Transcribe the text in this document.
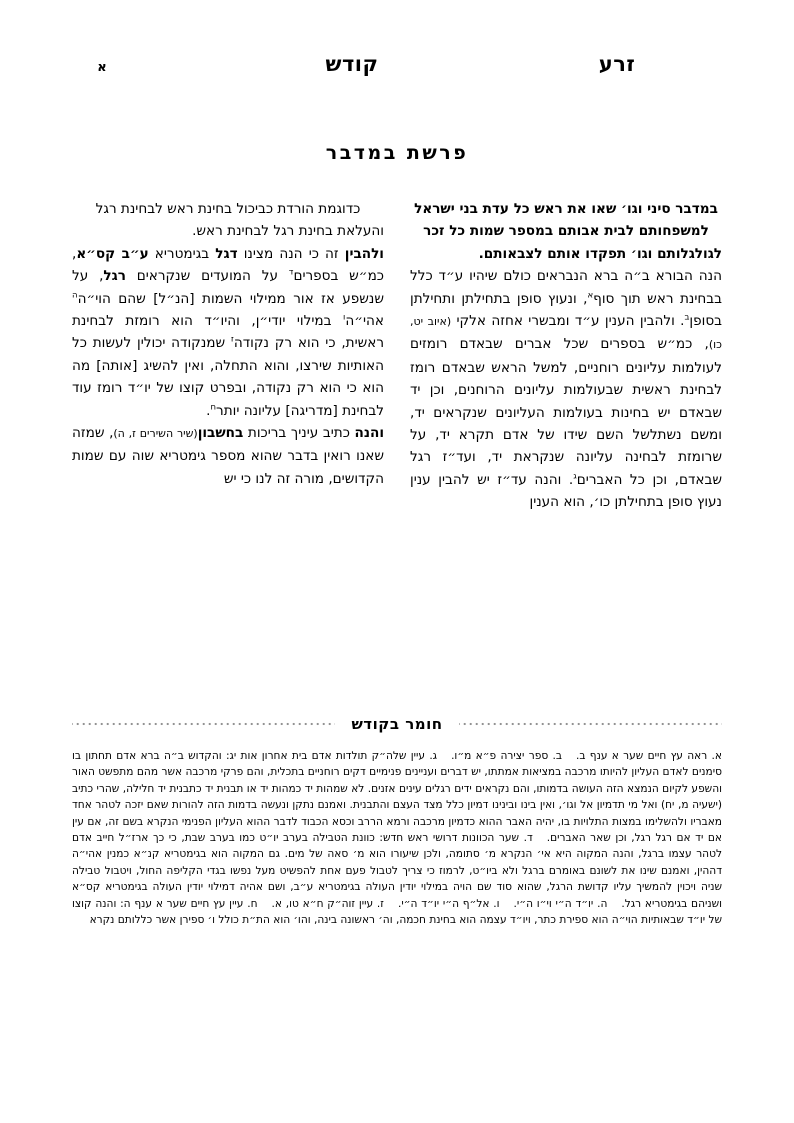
זרע
קודש
א
פרשת במדבר

במדבר סיני וגו׳ שאו את ראש כל עדת בני ישראל למשפחותם לבית אבותם במספר שמות כל זכר לגולגלותם וגו׳ תפקדו אותם לצבאותם.

הנה הבורא ב״ה ברא הנבראים כולם שיהיו ע״ד כלל בבחינת ראש תוך סוף$^א$, ונעוץ סופן בתחילתן ותחילתן בסופן$^ב$. ולהבין הענין ע״ד ומבשרי אחזה אלקי (איוב יט, כו), כמ״ש בספרים שכל אברים שבאדם רומזים לעולמות עליונים רוחניים, למשל הראש שבאדם רומז לבחינת ראשית שבעולמות עליונים הרוחנים, וכן יד שבאדם יש בחינות בעולמות העליונים שנקראים יד, ומשם נשתלשל השם שידו של אדם תקרא יד, על שרומזת לבחינה עליונה שנקראת יד, ועד״ז רגל שבאדם, וכן כל האברים$^ג$. והנה עד״ז יש להבין ענין נעוץ סופן בתחילתן כו׳, הוא הענין

כדוגמת הורדת כביכול בחינת ראש לבחינת רגל והעלאת בחינת רגל לבחינת ראש.

ולהבין זה כי הנה מצינו דגל בגימטריא ע״ב קס״א, כמ״ש בספרים$^ד$ על המועדים שנקראים רגל, על שנשפע אז אור ממילוי השמות [הנ״ל] שהם הוי״ה$^ה$ אהי״ה$^ו$ במילוי יודי״ן, והיו״ד הוא רומזת לבחינת ראשית, כי הוא רק נקודה$^ז$ שמנקודה יכולין לעשות כל האותיות שירצו, והוא התחלה, ואין להשיג [אותה] מה הוא כי הוא רק נקודה, ובפרט קוצו של יו״ד רומז עוד לבחינת [מדריגה] עליונה יותר$^ח$.

והנה כתיב עיניך בריכות בחשבון(שיר השירים ז, ה), שמזה שאנו רואין בדבר שהוא מספר גימטריא שוה עם שמות הקדושים, מורה זה לנו כי יש

חומר בקודש

א. ראה עץ חיים שער א ענף ב.ב. ספר יצירה פ״א מ״ו.ג. עיין שלה״ק תולדות אדם בית אחרון אות יג: והקדוש ב״ה ברא אדם תחתון בו סימנים לאדם העליון להיותו מרכבה במציאות אמתתו, יש דברים ועניינים פנימיים דקים רוחניים בתכלית, והם פרקי מרכבה אשר מהם מתפשט האור והשפע לקיום הנמצא הזה העושה בדמותו, והם נקראים ידים רגלים עינים אזנים. לא שמהות יד כמהות יד או תבנית יד כתבנית יד חלילה, שהרי כתיב (ישעיה מ, יח) ואל מי תדמיון אל וגו׳, ואין בינו ובינינו דמיון כלל מצד העצם והתבנית. ואמנם נתקן ונעשה בדמות הזה להורות שאם יזכה לטהר אחד מאבריו ולהשלימו במצות התלויות בו, יהיה האבר ההוא כדמיון מרכבה ורמא הררב וכסא הכבוד לדבר ההוא העליון הפנימי הנקרא בשם זה, אם עין אם יד אם רגל רגל, וכן שאר האברים.ד. שער הכוונות דרושי ראש חדש: כוונת הטבילה בערב יו״ט כמו בערב שבת, כי כך ארז״ל חייב אדם לטהר עצמו ברגל, והנה המקוה היא אי׳ הנקרא מ׳ סתומה, ולכן שיעורו הוא מ׳ סאה של מים. גם המקוה הוא בגימטריא קנ״א כמנין אהי״ה דההין, ואמנם שינו את לשונם באומרם ברגל ולא ביו״ט, לרמוז כי צריך לטבול פעם אחת להפשיט מעל נפשו בגדי הקליפה החול, ויטבול טבילה שניה ויכוין להמשיך עליו קדושת הרגל, שהוא סוד שם הויה במילוי יודין העולה בגימטריא ע״ב, ושם אהיה דמילוי יודין העולה בגימטריא קס״א ושניהם בגימטריא רגל.ה. יו״ד ה״י וי״ו ה״י.ו. אל״ף ה״י יו״ד ה״י.ז. עיין זוה״ק ח״א טו, א.ח. עיין עץ חיים שער א ענף ה: והנה קוצו של יו״ד שבאותיות הוי״ה הוא ספירת כתר, ויו״ד עצמה הוא בחינת חכמה, וה׳ ראשונה בינה, והו׳ הוא הת״ת כולל ו׳ ספירן אשר כללותם נקרא
